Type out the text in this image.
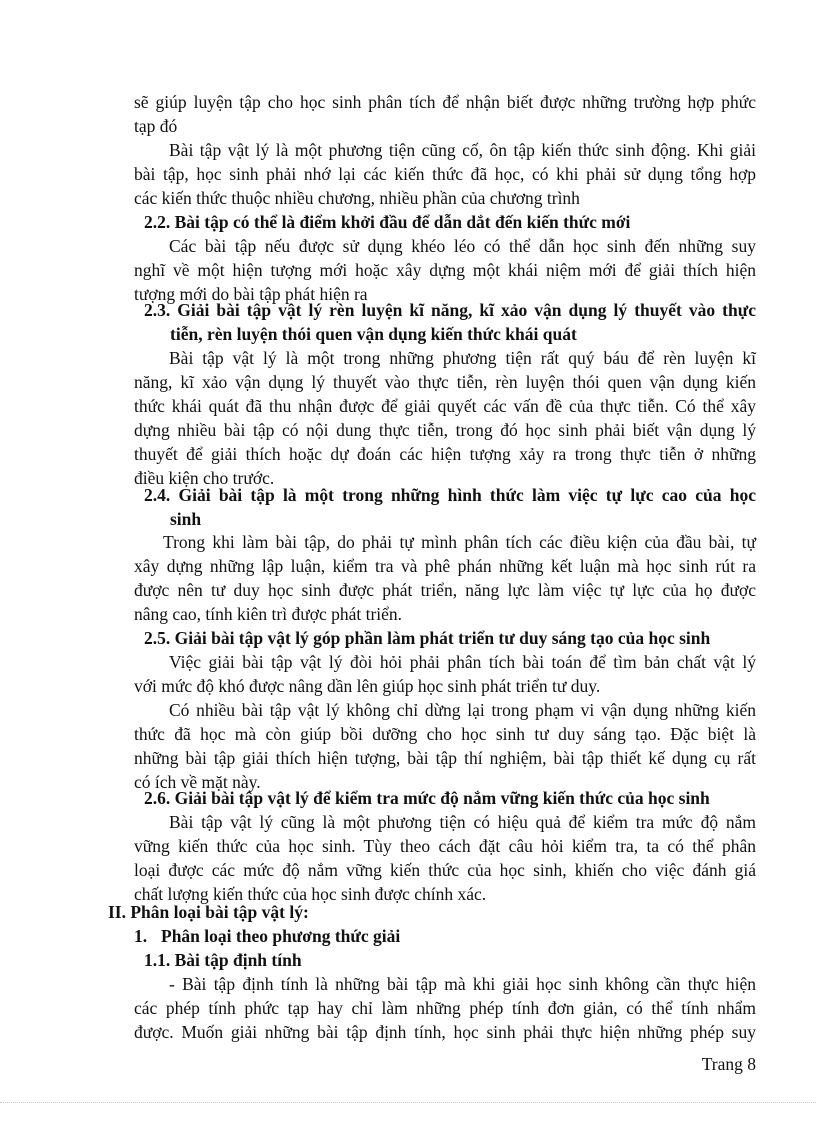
sẽ giúp luyện tập cho học sinh phân tích để nhận biết được những trường hợp phức
tạp đó
Bài tập vật lý là một phương tiện cũng cố, ôn tập kiến thức sinh động. Khi giải
bài tập, học sinh phải nhớ lại các kiến thức đã học, có khi phải sử dụng tổng hợp
các kiến thức thuộc nhiều chương, nhiều phần của chương trình
2.2. Bài tập có thể là điểm khởi đầu để dẫn dắt đến kiến thức mới
Các bài tập nếu được sử dụng khéo léo có thể dẫn học sinh đến những suy
nghĩ về một hiện tượng mới hoặc xây dựng một khái niệm mới để giải thích hiện
tượng mới do bài tập phát hiện ra
2.3. Giải bài tập vật lý rèn luyện kĩ năng, kĩ xảo vận dụng lý thuyết vào thực
tiễn, rèn luyện thói quen vận dụng kiến thức khái quát
Bài tập vật lý là một trong những phương tiện rất quý báu để rèn luyện kĩ
năng, kĩ xảo vận dụng lý thuyết vào thực tiễn, rèn luyện thói quen vận dụng kiến
thức khái quát đã thu nhận được để giải quyết các vấn đề của thực tiễn. Có thể xây
dựng nhiều bài tập có nội dung thực tiễn, trong đó học sinh phải biết vận dụng lý
thuyết để giải thích hoặc dự đoán các hiện tượng xảy ra trong thực tiễn ở những
điều kiện cho trước.
2.4. Giải bài tập là một trong những hình thức làm việc tự lực cao của học
sinh
Trong khi làm bài tập, do phải tự mình phân tích các điều kiện của đầu bài, tự
xây dựng những lập luận, kiểm tra và phê phán những kết luận mà học sinh rút ra
được nên tư duy học sinh được phát triển, năng lực làm việc tự lực của họ được
nâng cao, tính kiên trì được phát triển.
2.5. Giải bài tập vật lý góp phần làm phát triển tư duy sáng tạo của học sinh
Việc giải bài tập vật lý đòi hỏi phải phân tích bài toán để tìm bản chất vật lý
với mức độ khó được nâng dần lên giúp học sinh phát triển tư duy.
Có nhiều bài tập vật lý không chỉ dừng lại trong phạm vi vận dụng những kiến
thức đã học mà còn giúp bồi dưỡng cho học sinh tư duy sáng tạo. Đặc biệt là
những bài tập giải thích hiện tượng, bài tập thí nghiệm, bài tập thiết kế dụng cụ rất
có ích về mặt này.
2.6. Giải bài tập vật lý để kiểm tra mức độ nắm vững kiến thức của học sinh
Bài tập vật lý cũng là một phương tiện có hiệu quả để kiểm tra mức độ nắm
vững kiến thức của học sinh. Tùy theo cách đặt câu hỏi kiểm tra, ta có thể phân
loại được các mức độ nắm vững kiến thức của học sinh, khiến cho việc đánh giá
chất lượng kiến thức của học sinh được chính xác.
II. Phân loại bài tập vật lý:
1. Phân loại theo phương thức giải
1.1. Bài tập định tính
- Bài tập định tính là những bài tập mà khi giải học sinh không cần thực hiện
các phép tính phức tạp hay chỉ làm những phép tính đơn giản, có thể tính nhẩm
được. Muốn giải những bài tập định tính, học sinh phải thực hiện những phép suy
Trang 8
